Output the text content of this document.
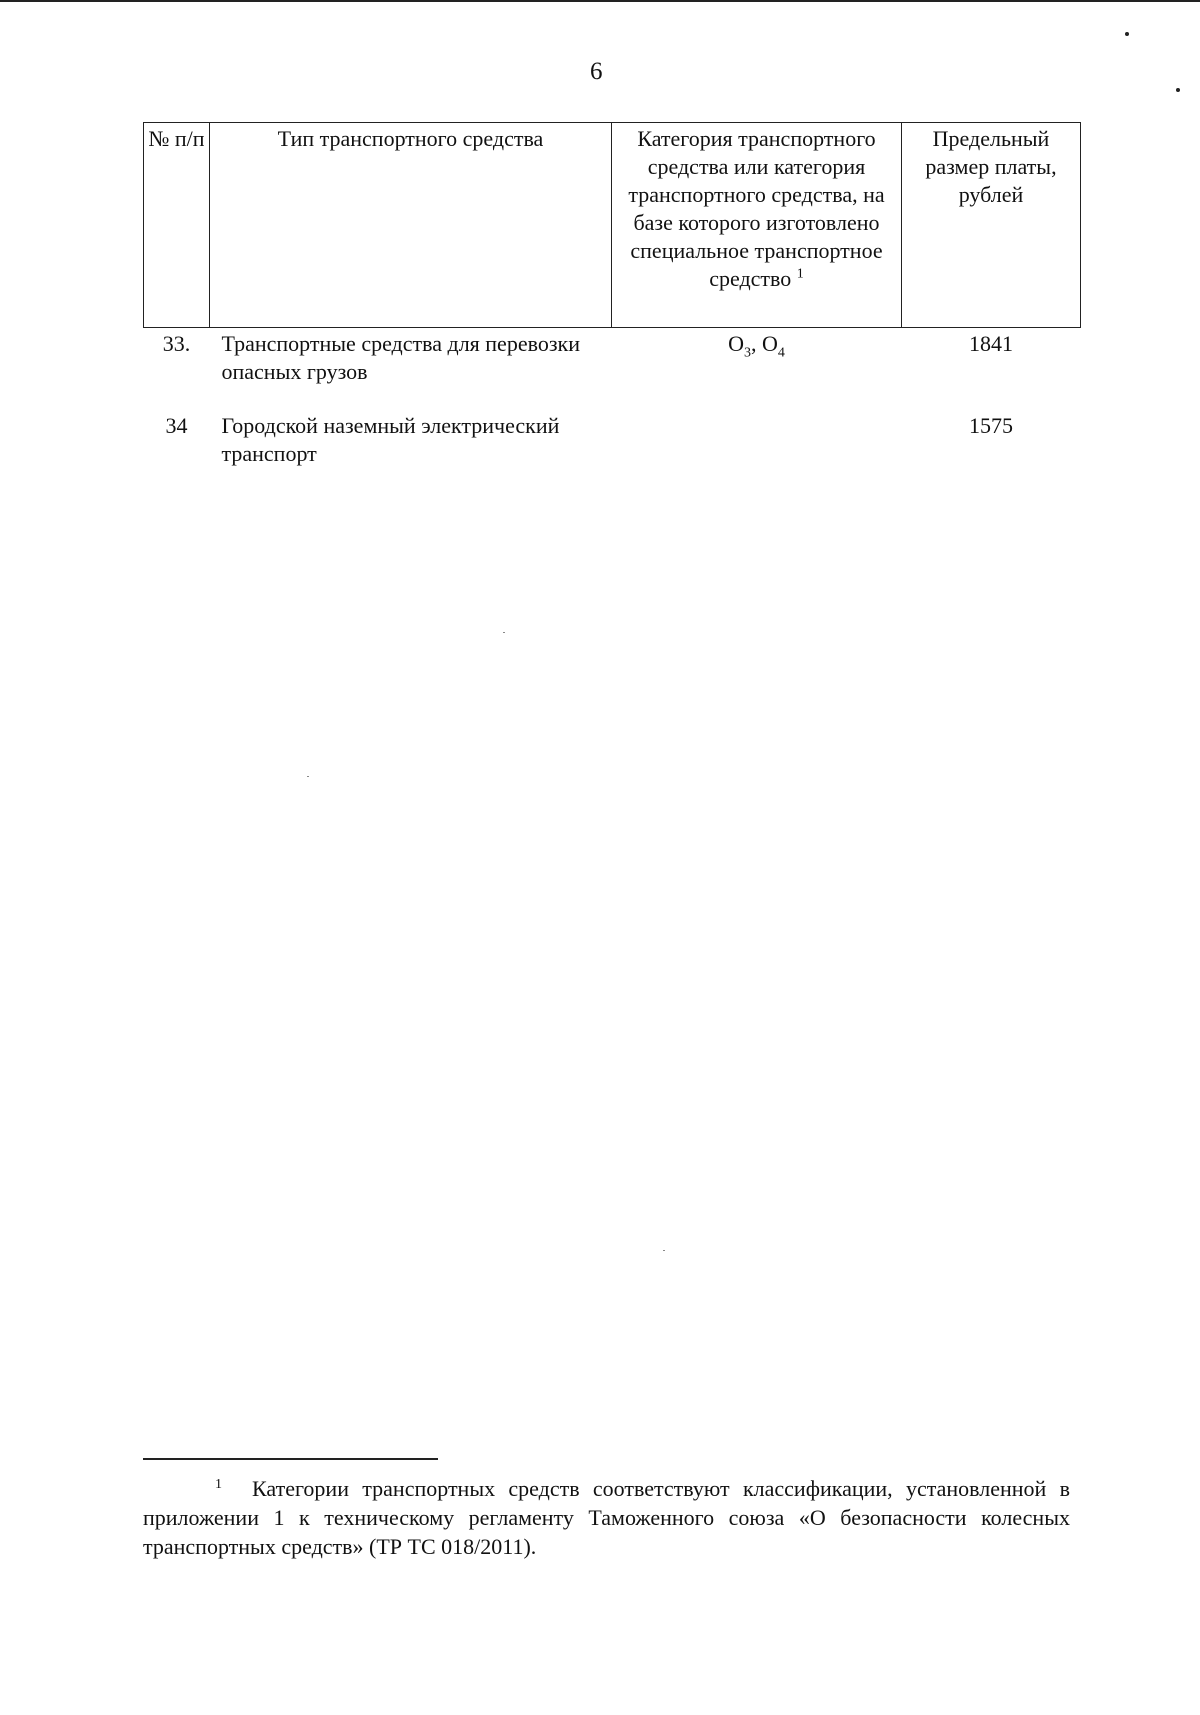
6
№ п/п	Тип транспортного средства	Категория транспортного средства или категория транспортного средства, на базе которого изготовлено специальное транспортное средство $^1$	Предельный размер платы, рублей
33.	Транспортные средства для перевозки опасных грузов	$O_3$, $O_4$	1841
34	Городской наземный электрический транспорт		1575
$^1$ Категории транспортных средств соответствуют классификации, установленной в приложении 1 к техническому регламенту Таможенного союза «О безопасности колесных транспортных средств» (ТР ТС 018/2011).
